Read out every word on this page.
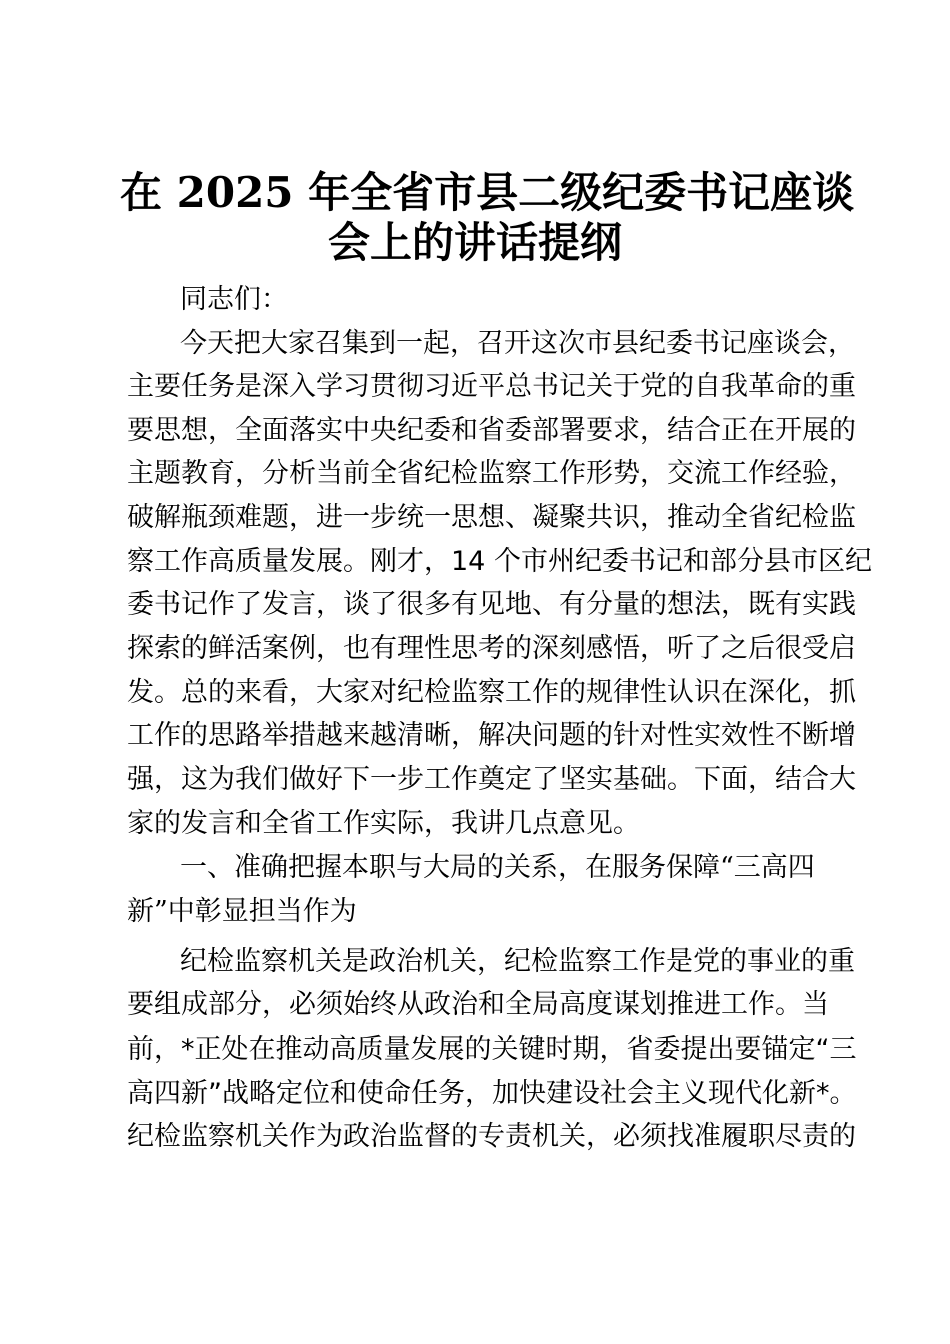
在 2025 年全省市县二级纪委书记座谈
会上的讲话提纲
同志们：
今天把大家召集到一起，召开这次市县纪委书记座谈会，
主要任务是深入学习贯彻习近平总书记关于党的自我革命的重
要思想，全面落实中央纪委和省委部署要求，结合正在开展的
主题教育，分析当前全省纪检监察工作形势，交流工作经验，
破解瓶颈难题，进一步统一思想、凝聚共识，推动全省纪检监
察工作高质量发展。刚才，14 个市州纪委书记和部分县市区纪
委书记作了发言，谈了很多有见地、有分量的想法，既有实践
探索的鲜活案例，也有理性思考的深刻感悟，听了之后很受启
发。总的来看，大家对纪检监察工作的规律性认识在深化，抓
工作的思路举措越来越清晰，解决问题的针对性实效性不断增
强，这为我们做好下一步工作奠定了坚实基础。下面，结合大
家的发言和全省工作实际，我讲几点意见。
一、准确把握本职与大局的关系，在服务保障“三高四
新”中彰显担当作为
纪检监察机关是政治机关，纪检监察工作是党的事业的重
要组成部分，必须始终从政治和全局高度谋划推进工作。当
前，*正处在推动高质量发展的关键时期，省委提出要锚定“三
高四新”战略定位和使命任务，加快建设社会主义现代化新*。
纪检监察机关作为政治监督的专责机关，必须找准履职尽责的
